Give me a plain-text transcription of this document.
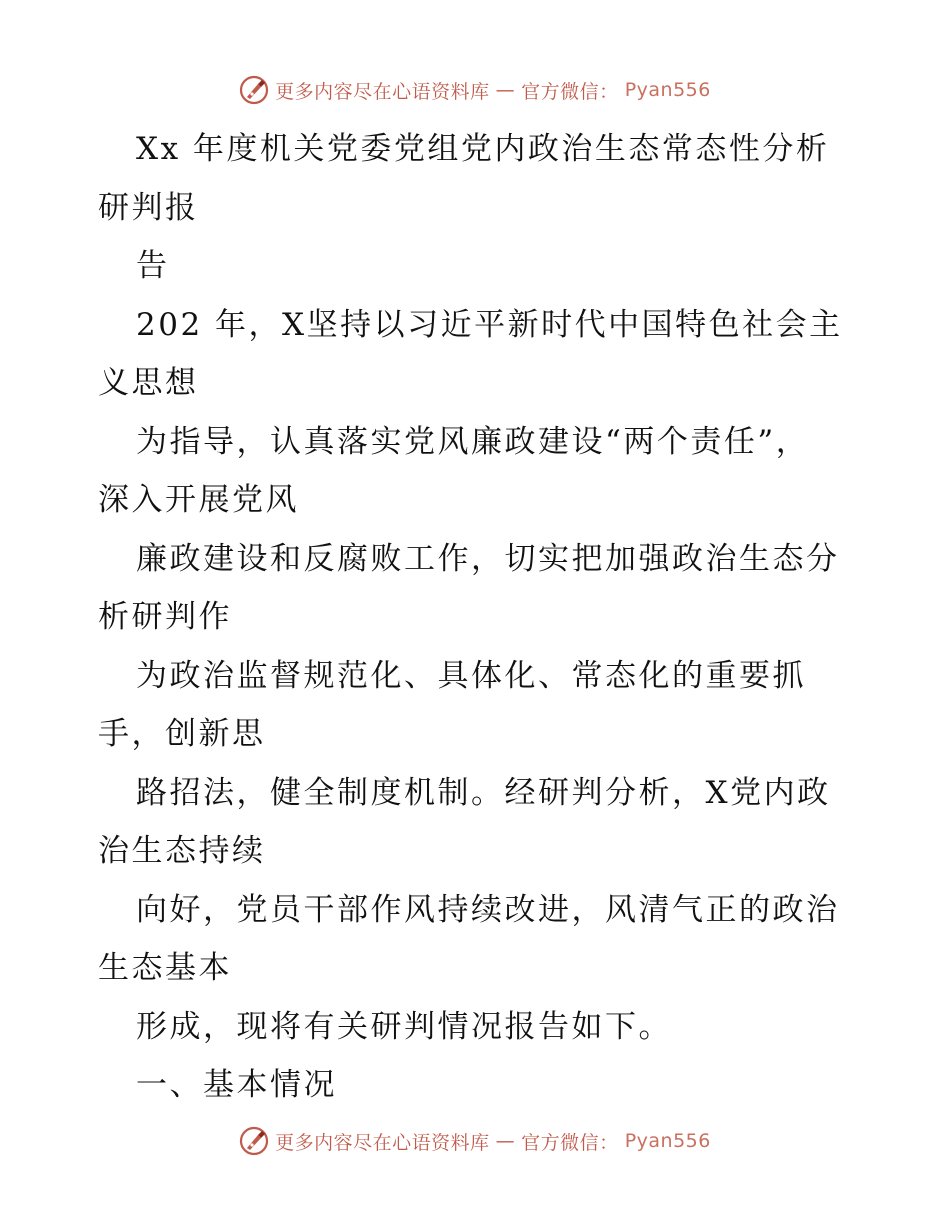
更多内容尽在心语资料库 — 官方微信： Pyan556
Xx 年度机关党委党组党内政治生态常态性分析
研判报
告
202 年，X坚持以习近平新时代中国特色社会主
义思想
为指导，认真落实党风廉政建设“两个责任”，
深入开展党风
廉政建设和反腐败工作，切实把加强政治生态分
析研判作
为政治监督规范化、具体化、常态化的重要抓
手，创新思
路招法，健全制度机制。经研判分析，X党内政
治生态持续
向好，党员干部作风持续改进，风清气正的政治
生态基本
形成，现将有关研判情况报告如下。
一、基本情况
更多内容尽在心语资料库 — 官方微信： Pyan556
